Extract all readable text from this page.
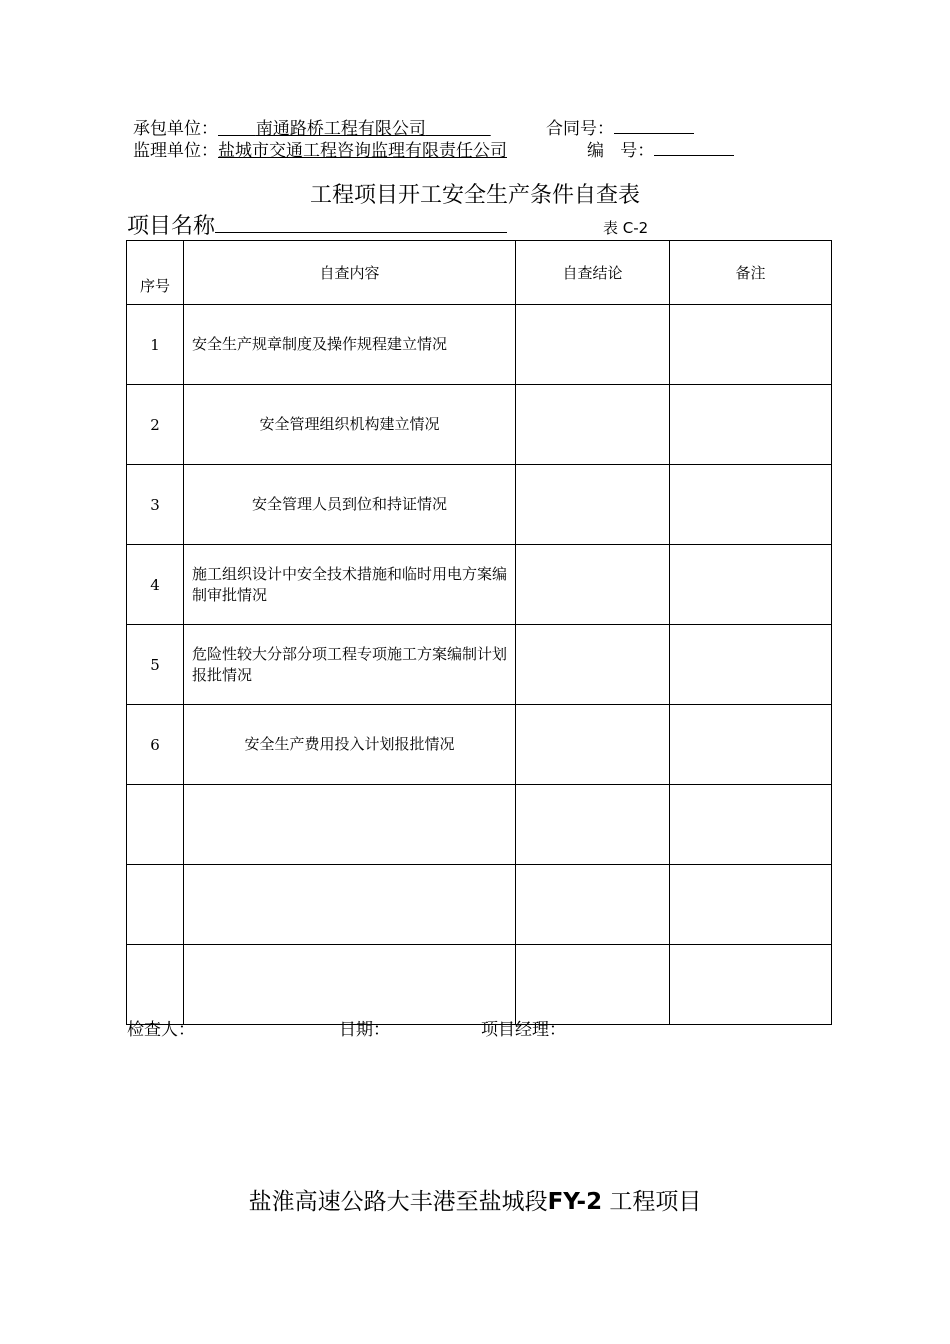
承包单位： 南通路桥工程有限公司	合同号：
监理单位：盐城市交通工程咨询监理有限责任公司	编   号：
工程项目开工安全生产条件自查表
项目名称	表 C-2
序号	自查内容	自查结论	备注
1	安全生产规章制度及操作规程建立情况		
2	安全管理组织机构建立情况		
3	安全管理人员到位和持证情况		
4	施工组织设计中安全技术措施和临时用电方案编制审批情况		
5	危险性较大分部分项工程专项施工方案编制计划报批情况		
6	安全生产费用投入计划报批情况		

检查人：	日期：	项目经理：
盐淮高速公路大丰港至盐城段FY-2 工程项目
